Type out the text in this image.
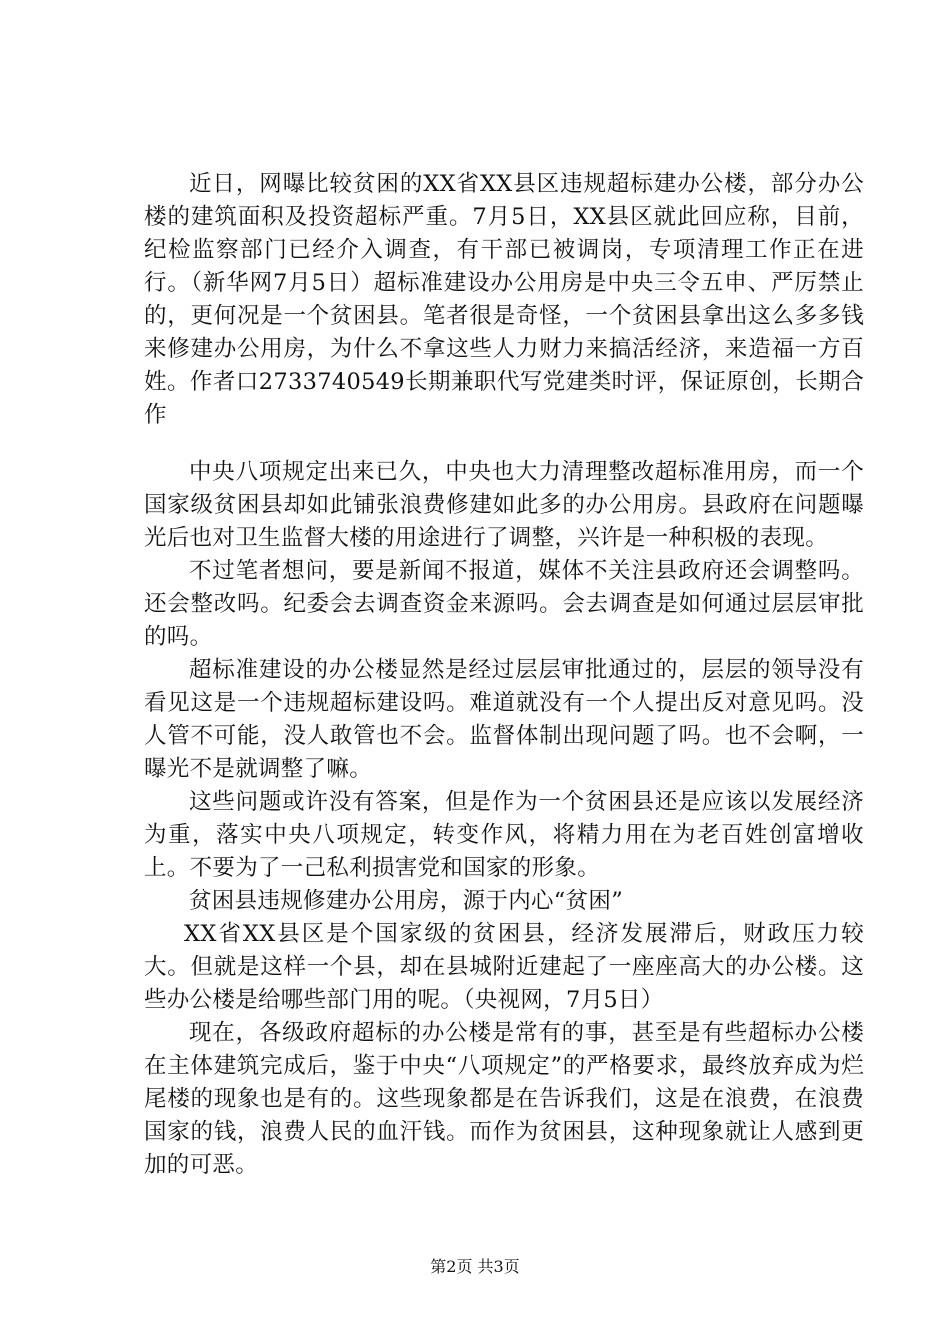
近日，网曝比较贫困的XX省XX县区违规超标建办公楼，部分办公楼的建筑面积及投资超标严重。7月5日，XX县区就此回应称，目前，纪检监察部门已经介入调查，有干部已被调岗，专项清理工作正在进行。（新华网7月5日）超标准建设办公用房是中央三令五申、严厉禁止的，更何况是一个贫困县。笔者很是奇怪，一个贫困县拿出这么多多钱来修建办公用房，为什么不拿这些人力财力来搞活经济，来造福一方百姓。作者口2733740549长期兼职代写党建类时评，保证原创，长期合作

中央八项规定出来已久，中央也大力清理整改超标准用房，而一个国家级贫困县却如此铺张浪费修建如此多的办公用房。县政府在问题曝光后也对卫生监督大楼的用途进行了调整，兴许是一种积极的表现。

不过笔者想问，要是新闻不报道，媒体不关注县政府还会调整吗。还会整改吗。纪委会去调查资金来源吗。会去调查是如何通过层层审批的吗。

超标准建设的办公楼显然是经过层层审批通过的，层层的领导没有看见这是一个违规超标建设吗。难道就没有一个人提出反对意见吗。没人管不可能，没人敢管也不会。监督体制出现问题了吗。也不会啊，一曝光不是就调整了嘛。

这些问题或许没有答案，但是作为一个贫困县还是应该以发展经济为重，落实中央八项规定，转变作风，将精力用在为老百姓创富增收上。不要为了一己私利损害党和国家的形象。

贫困县违规修建办公用房，源于内心“贫困”

XX省XX县区是个国家级的贫困县，经济发展滞后，财政压力较大。但就是这样一个县，却在县城附近建起了一座座高大的办公楼。这些办公楼是给哪些部门用的呢。（央视网，7月5日）

现在，各级政府超标的办公楼是常有的事，甚至是有些超标办公楼在主体建筑完成后，鉴于中央“八项规定”的严格要求，最终放弃成为烂尾楼的现象也是有的。这些现象都是在告诉我们，这是在浪费，在浪费国家的钱，浪费人民的血汗钱。而作为贫困县，这种现象就让人感到更加的可恶。

第2页 共3页
